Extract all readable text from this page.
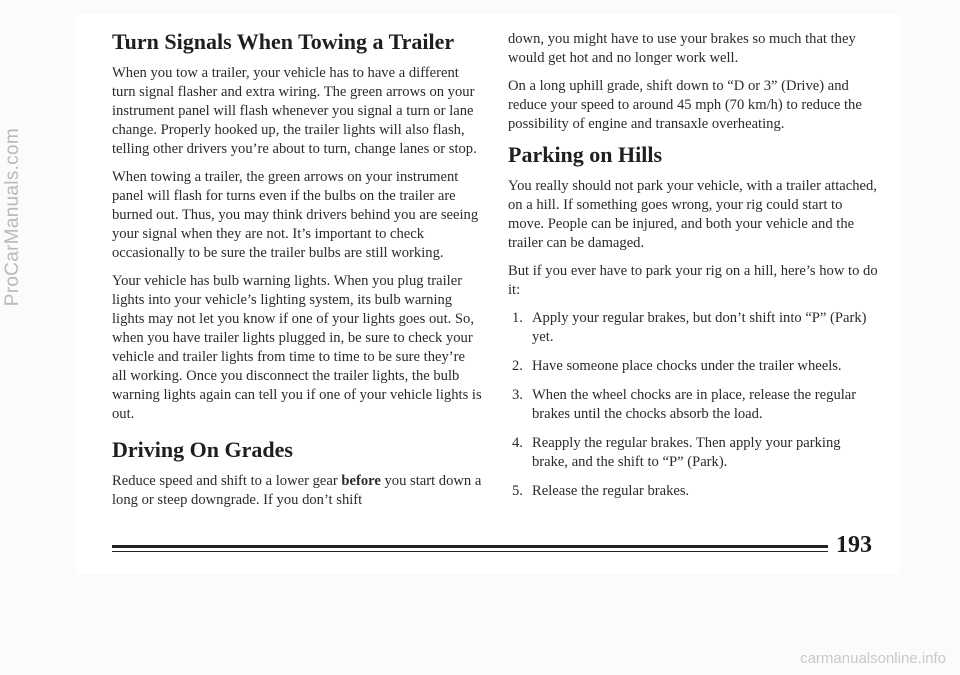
ProCarManuals.com
Turn Signals When Towing a Trailer

When you tow a trailer, your vehicle has to have a different turn signal flasher and extra wiring. The green arrows on your instrument panel will flash whenever you signal a turn or lane change. Properly hooked up, the trailer lights will also flash, telling other drivers you’re about to turn, change lanes or stop.

When towing a trailer, the green arrows on your instrument panel will flash for turns even if the bulbs on the trailer are burned out. Thus, you may think drivers behind you are seeing your signal when they are not. It’s important to check occasionally to be sure the trailer bulbs are still working.

Your vehicle has bulb warning lights. When you plug trailer lights into your vehicle’s lighting system, its bulb warning lights may not let you know if one of your lights goes out. So, when you have trailer lights plugged in, be sure to check your vehicle and trailer lights from time to time to be sure they’re all working. Once you disconnect the trailer lights, the bulb warning lights again can tell you if one of your vehicle lights is out.

Driving On Grades

Reduce speed and shift to a lower gear before you start down a long or steep downgrade. If you don’t shift

down, you might have to use your brakes so much that they would get hot and no longer work well.

On a long uphill grade, shift down to “D or 3” (Drive) and reduce your speed to around 45 mph (70 km/h) to reduce the possibility of engine and transaxle overheating.

Parking on Hills

You really should not park your vehicle, with a trailer attached, on a hill. If something goes wrong, your rig could start to move. People can be injured, and both your vehicle and the trailer can be damaged.

But if you ever have to park your rig on a hill, here’s how to do it:

1. Apply your regular brakes, but don’t shift into “P” (Park) yet.
2. Have someone place chocks under the trailer wheels.
3. When the wheel chocks are in place, release the regular brakes until the chocks absorb the load.
4. Reapply the regular brakes. Then apply your parking brake, and the shift to “P” (Park).
5. Release the regular brakes.
193
carmanualsonline.info
